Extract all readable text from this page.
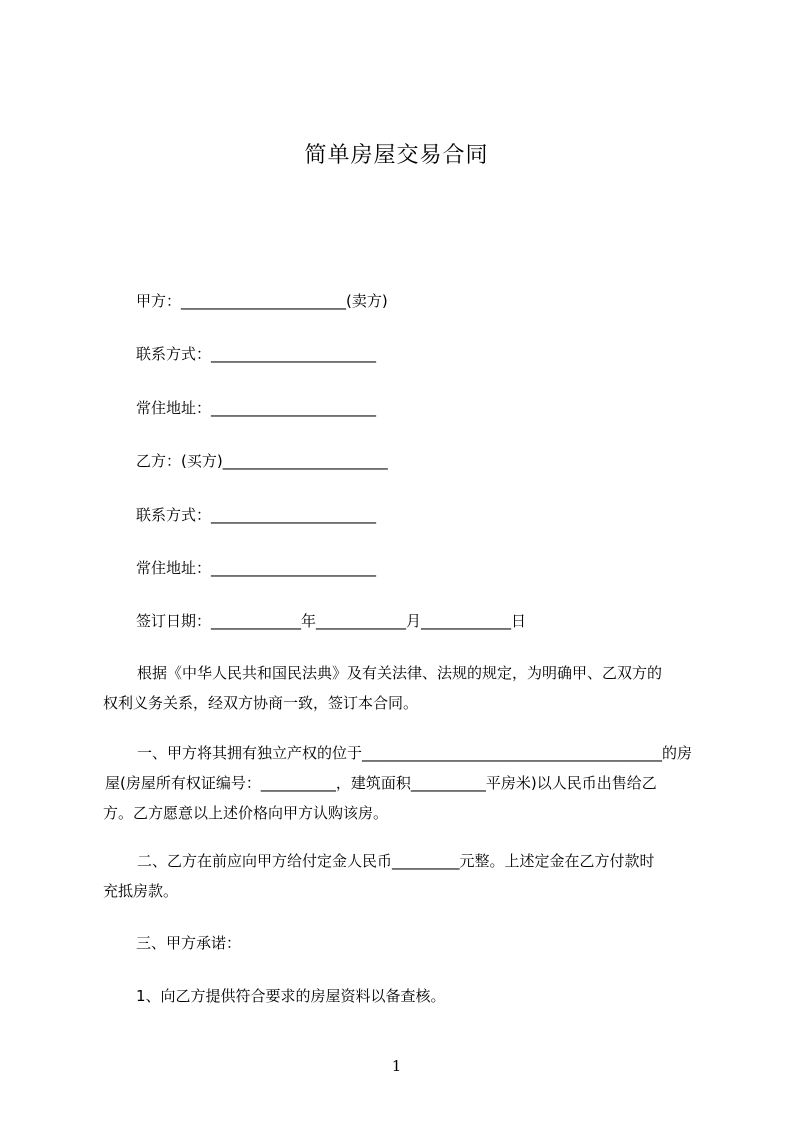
简单房屋交易合同
甲方：______________________(卖方)
联系方式：______________________
常住地址：______________________
乙方：(买方)______________________
联系方式：______________________
常住地址：______________________
签订日期：____________年____________月____________日
根据《中华人民共和国民法典》及有关法律、法规的规定，为明确甲、乙双方的
权利义务关系，经双方协商一致，签订本合同。
一、甲方将其拥有独立产权的位于________________________________________的房
屋(房屋所有权证编号：__________，建筑面积__________平房米)以人民币出售给乙
方。乙方愿意以上述价格向甲方认购该房。
二、乙方在前应向甲方给付定金人民币_________元整。上述定金在乙方付款时
充抵房款。
三、甲方承诺：
1、向乙方提供符合要求的房屋资料以备查核。
1
